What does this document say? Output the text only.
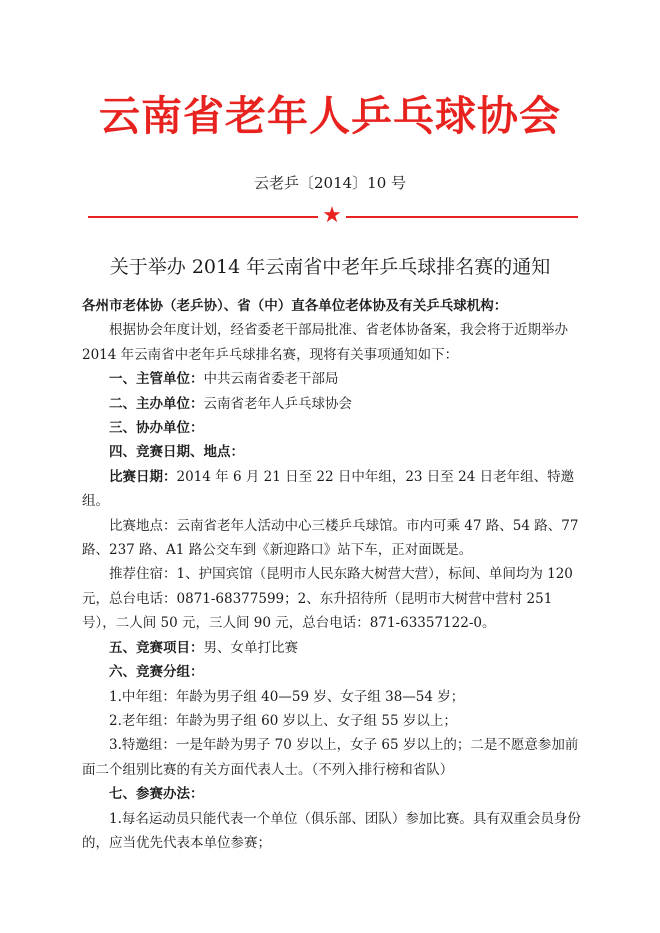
云南省老年人乒乓球协会
云老乒〔2014〕10 号
★
关于举办 2014 年云南省中老年乒乓球排名赛的通知

各州市老体协（老乒协）、省（中）直各单位老体协及有关乒乓球机构：

根据协会年度计划，经省委老干部局批准、省老体协备案，我会将于近期举办 2014 年云南省中老年乒乓球排名赛，现将有关事项通知如下：

一、主管单位：中共云南省委老干部局

二、主办单位：云南省老年人乒乓球协会

三、协办单位：

四、竞赛日期、地点：

比赛日期：2014 年 6 月 21 日至 22 日中年组，23 日至 24 日老年组、特邀组。

比赛地点：云南省老年人活动中心三楼乒乓球馆。市内可乘 47 路、54 路、77 路、237 路、A1 路公交车到《新迎路口》站下车，正对面既是。

推荐住宿：1、护国宾馆（昆明市人民东路大树营大营），标间、单间均为 120 元，总台电话：0871-68377599；2、东升招待所（昆明市大树营中营村 251 号），二人间 50 元，三人间 90 元，总台电话：871-63357122-0。

五、竞赛项目：男、女单打比赛

六、竞赛分组：

1.中年组：年龄为男子组 40—59 岁、女子组 38—54 岁；

2.老年组：年龄为男子组 60 岁以上、女子组 55 岁以上；

3.特邀组：一是年龄为男子 70 岁以上，女子 65 岁以上的；二是不愿意参加前面二个组别比赛的有关方面代表人士。（不列入排行榜和省队）

七、参赛办法：

1.每名运动员只能代表一个单位（俱乐部、团队）参加比赛。具有双重会员身份的，应当优先代表本单位参赛；
